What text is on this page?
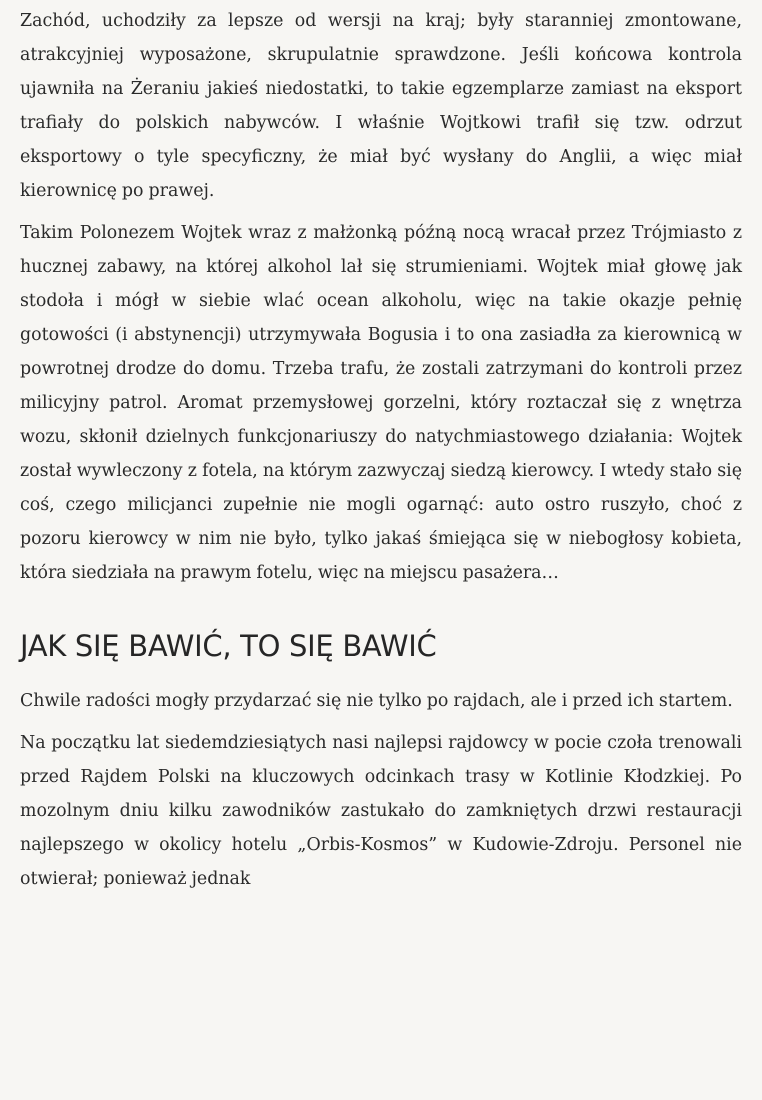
Zachód, uchodziły za lepsze od wersji na kraj; były staranniej zmontowane, atrakcyjniej wyposażone, skrupulatnie sprawdzone. Jeśli końcowa kontrola ujawniła na Żeraniu jakieś niedostatki, to takie egzemplarze zamiast na eksport trafiały do polskich nabywców. I właśnie Wojtkowi trafił się tzw. odrzut eksportowy o tyle specyficzny, że miał być wysłany do Anglii, a więc miał kierownicę po prawej.

Takim Polonezem Wojtek wraz z małżonką późną nocą wracał przez Trójmiasto z hucznej zabawy, na której alkohol lał się strumieniami. Wojtek miał głowę jak stodoła i mógł w siebie wlać ocean alkoholu, więc na takie okazje pełnię gotowości (i abstynencji) utrzymywała Bogusia i to ona zasiadła za kierownicą w powrotnej drodze do domu. Trzeba trafu, że zostali zatrzymani do kontroli przez milicyjny patrol. Aromat przemysłowej gorzelni, który roztaczał się z wnętrza wozu, skłonił dzielnych funkcjonariuszy do natychmiastowego działania: Wojtek został wywleczony z fotela, na którym zazwyczaj siedzą kierowcy. I wtedy stało się coś, czego milicjanci zupełnie nie mogli ogarnąć: auto ostro ruszyło, choć z pozoru kierowcy w nim nie było, tylko jakaś śmiejąca się w niebogłosy kobieta, która siedziała na prawym fotelu, więc na miejscu pasażera…

JAK SIĘ BAWIĆ, TO SIĘ BAWIĆ

Chwile radości mogły przydarzać się nie tylko po rajdach, ale i przed ich startem.

Na początku lat siedemdziesiątych nasi najlepsi rajdowcy w pocie czoła trenowali przed Rajdem Polski na kluczowych odcinkach trasy w Kotlinie Kłodzkiej. Po mozolnym dniu kilku zawodników zastukało do zamkniętych drzwi restauracji najlepszego w okolicy hotelu „Orbis-Kosmos” w Kudowie-Zdroju. Personel nie otwierał; ponieważ jednak
